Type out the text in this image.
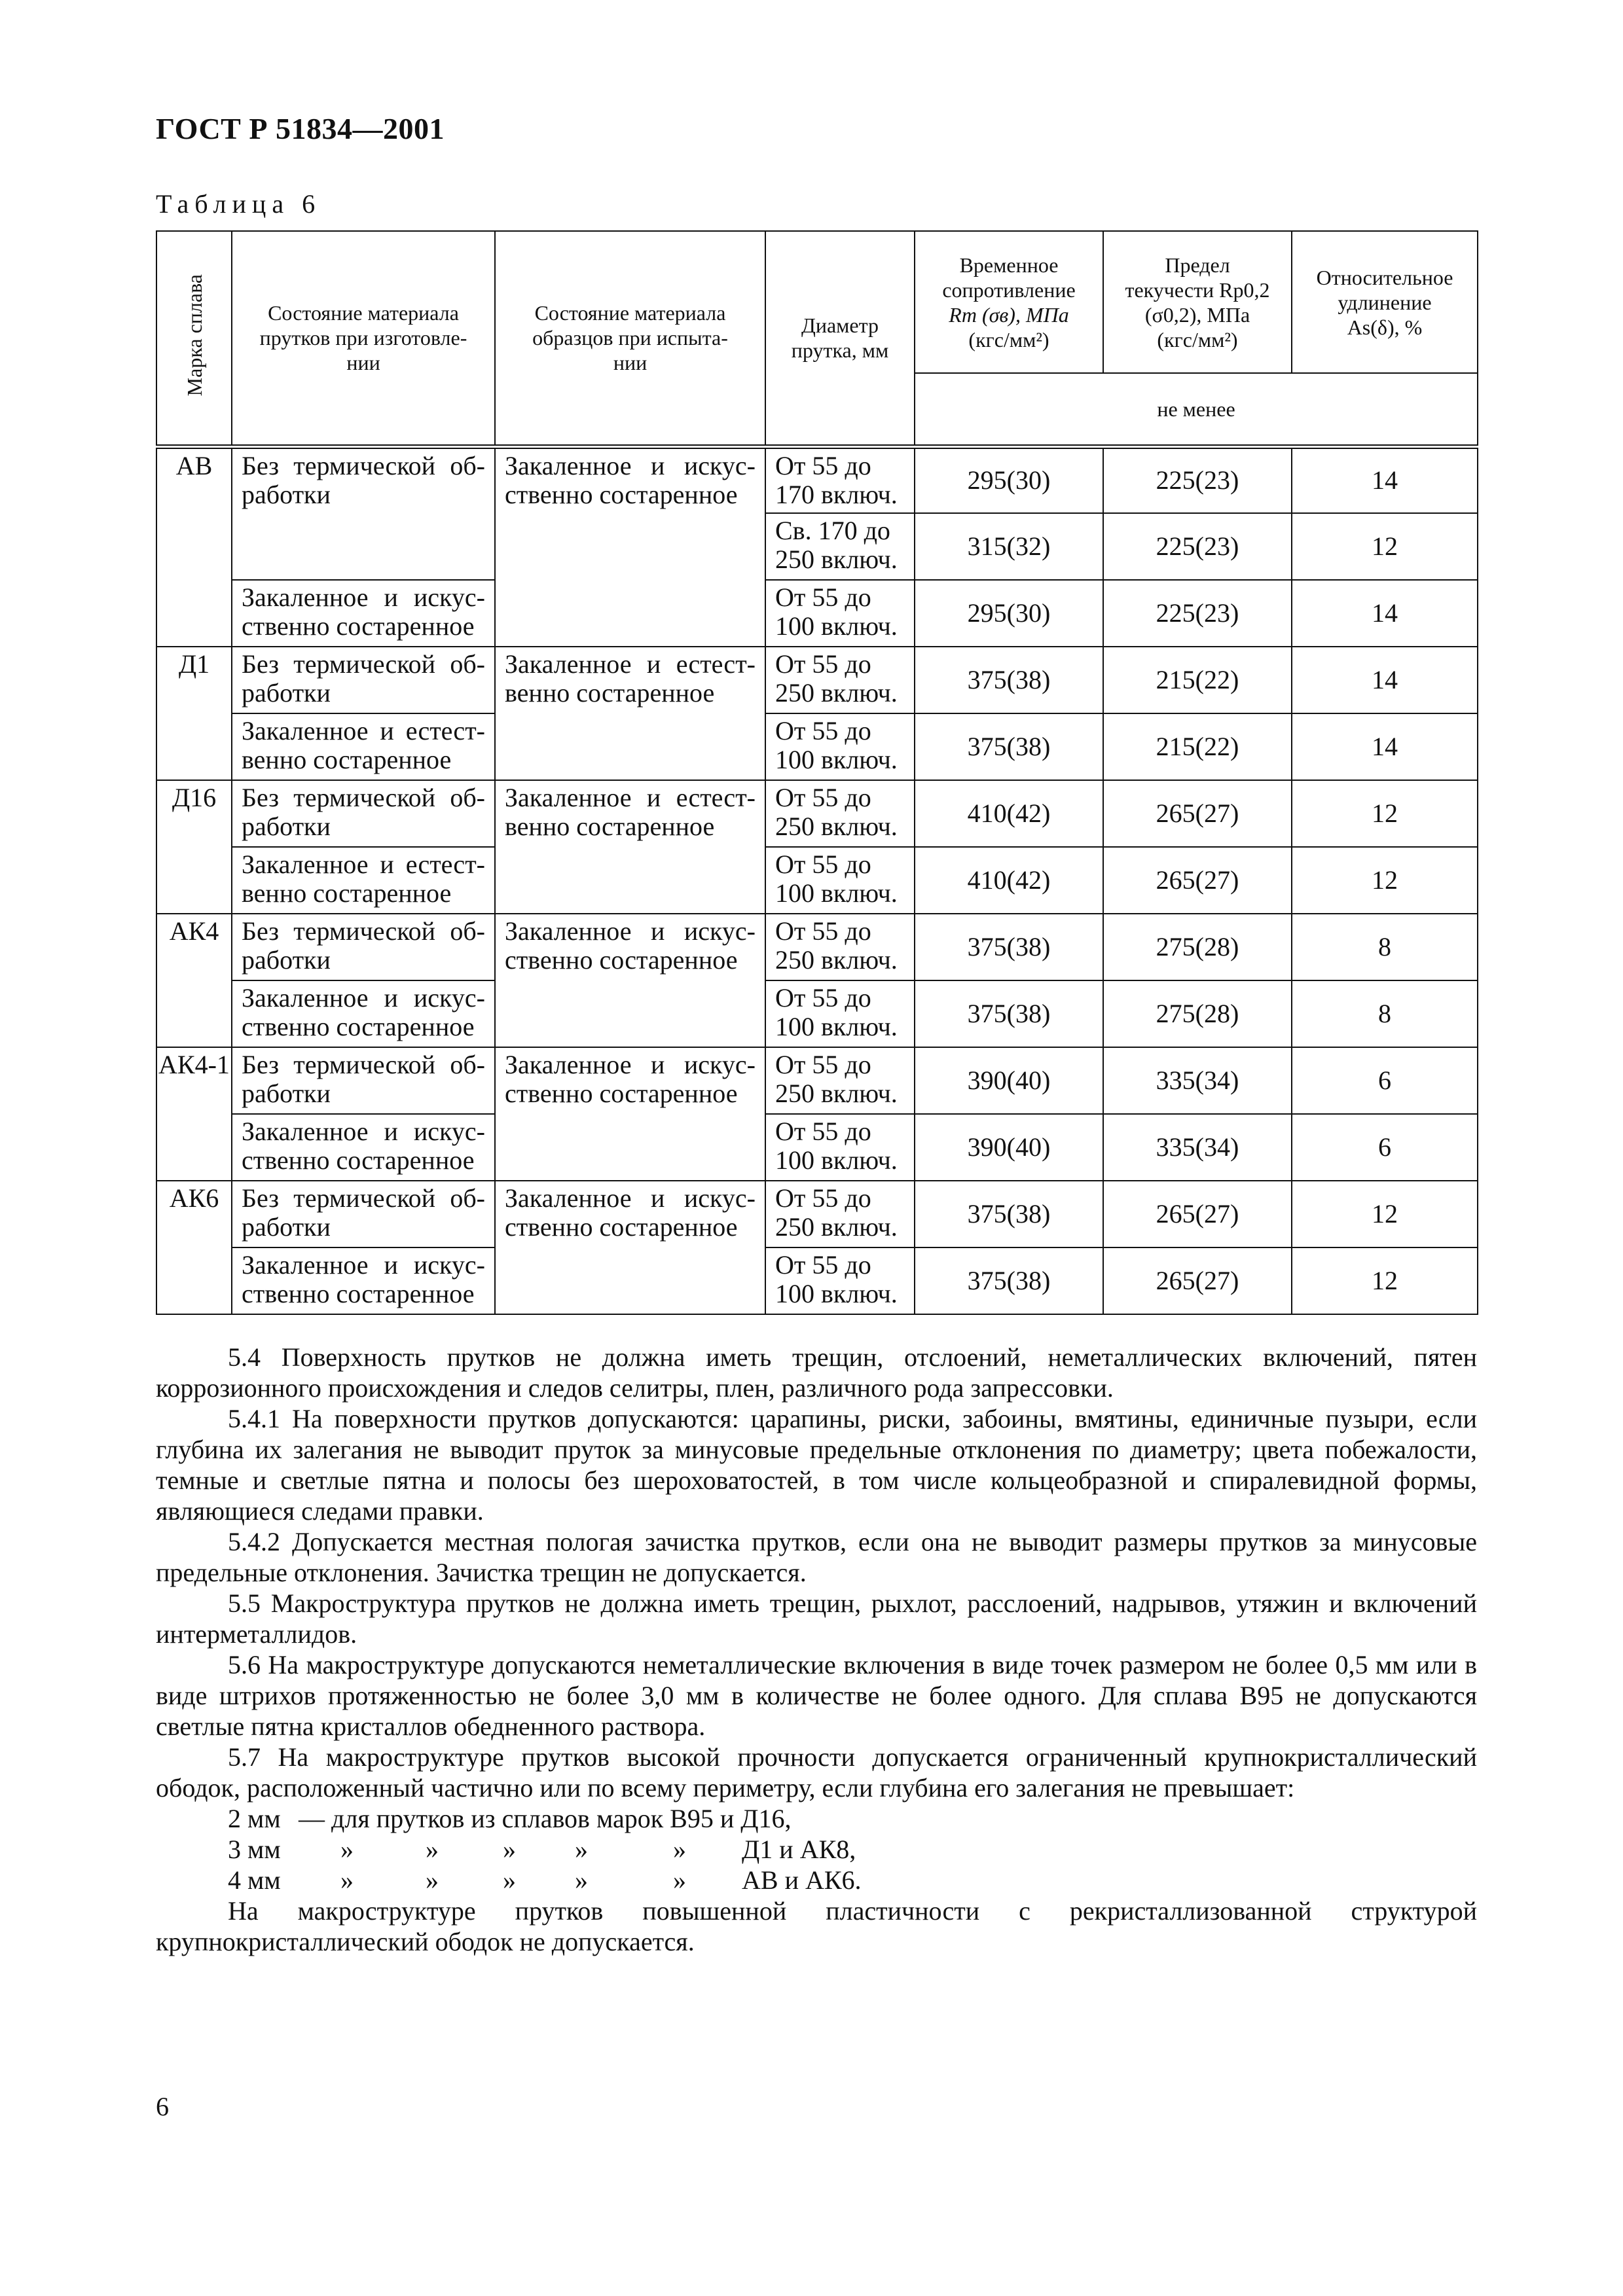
ГОСТ Р 51834—2001
Таблица 6
Марка сплава	Состояние материала
прутков при изготовле-
нии	Состояние материала
образцов при испыта-
нии	Диаметр
прутка, мм	Временное
сопротивление
Rm (σв), МПа
(кгс/мм²)	Предел
текучести Rp0,2
(σ0,2), МПа
(кгс/мм²)	Относительное
удлинение
As(δ), %
				не менее		
АВ	Без термической об-
работки	Закаленное и искус-
ственно состаренное	От 55 до
170 включ.	295(30)	225(23)	14

			Св. 170 до
250 включ.	315(32)	225(23)	12

	Закаленное и искус-
ственно состаренное		От 55 до
100 включ.	295(30)	225(23)	14
Д1	Без термической об-
работки	Закаленное и естест-
венно состаренное	От 55 до
250 включ.	375(38)	215(22)	14

	Закаленное и естест-
венно состаренное		От 55 до
100 включ.	375(38)	215(22)	14
Д16	Без термической об-
работки	Закаленное и естест-
венно состаренное	От 55 до
250 включ.	410(42)	265(27)	12

	Закаленное и естест-
венно состаренное		От 55 до
100 включ.	410(42)	265(27)	12
АК4	Без термической об-
работки	Закаленное и искус-
ственно состаренное	От 55 до
250 включ.	375(38)	275(28)	8

	Закаленное и искус-
ственно состаренное		От 55 до
100 включ.	375(38)	275(28)	8
АК4-1	Без термической об-
работки	Закаленное и искус-
ственно состаренное	От 55 до
250 включ.	390(40)	335(34)	6

	Закаленное и искус-
ственно состаренное		От 55 до
100 включ.	390(40)	335(34)	6
АК6	Без термической об-
работки	Закаленное и искус-
ственно состаренное	От 55 до
250 включ.	375(38)	265(27)	12

	Закаленное и искус-
ственно состаренное		От 55 до
100 включ.	375(38)	265(27)	12

5.4 Поверхность прутков не должна иметь трещин, отслоений, неметаллических включений, пятен коррозионного происхождения и следов селитры, плен, различного рода запрессовки.

5.4.1 На поверхности прутков допускаются: царапины, риски, забоины, вмятины, единичные пузыри, если глубина их залегания не выводит пруток за минусовые предельные отклонения по диаметру; цвета побежалости, темные и светлые пятна и полосы без шероховатостей, в том числе кольцеобразной и спиралевидной формы, являющиеся следами правки.

5.4.2 Допускается местная пологая зачистка прутков, если она не выводит размеры прутков за минусовые предельные отклонения. Зачистка трещин не допускается.

5.5 Макроструктура прутков не должна иметь трещин, рыхлот, расслоений, надрывов, утяжин и включений интерметаллидов.

5.6 На макроструктуре допускаются неметаллические включения в виде точек размером не более 0,5 мм или в виде штрихов протяженностью не более 3,0 мм в количестве не более одного. Для сплава В95 не допускаются светлые пятна кристаллов обедненного раствора.

5.7 На макроструктуре прутков высокой прочности допускается ограниченный крупнокристаллический ободок, расположенный частично или по всему периметру, если глубина его залегания не превышает:

2 мм — для прутков из сплавов марок В95 и Д16,
3 мм »	» » »	» Д1 и АК8,
4 мм »	» » »	» АВ и АК6.

На макроструктуре прутков повышенной пластичности с рекристаллизованной структурой крупнокристаллический ободок не допускается.

6
